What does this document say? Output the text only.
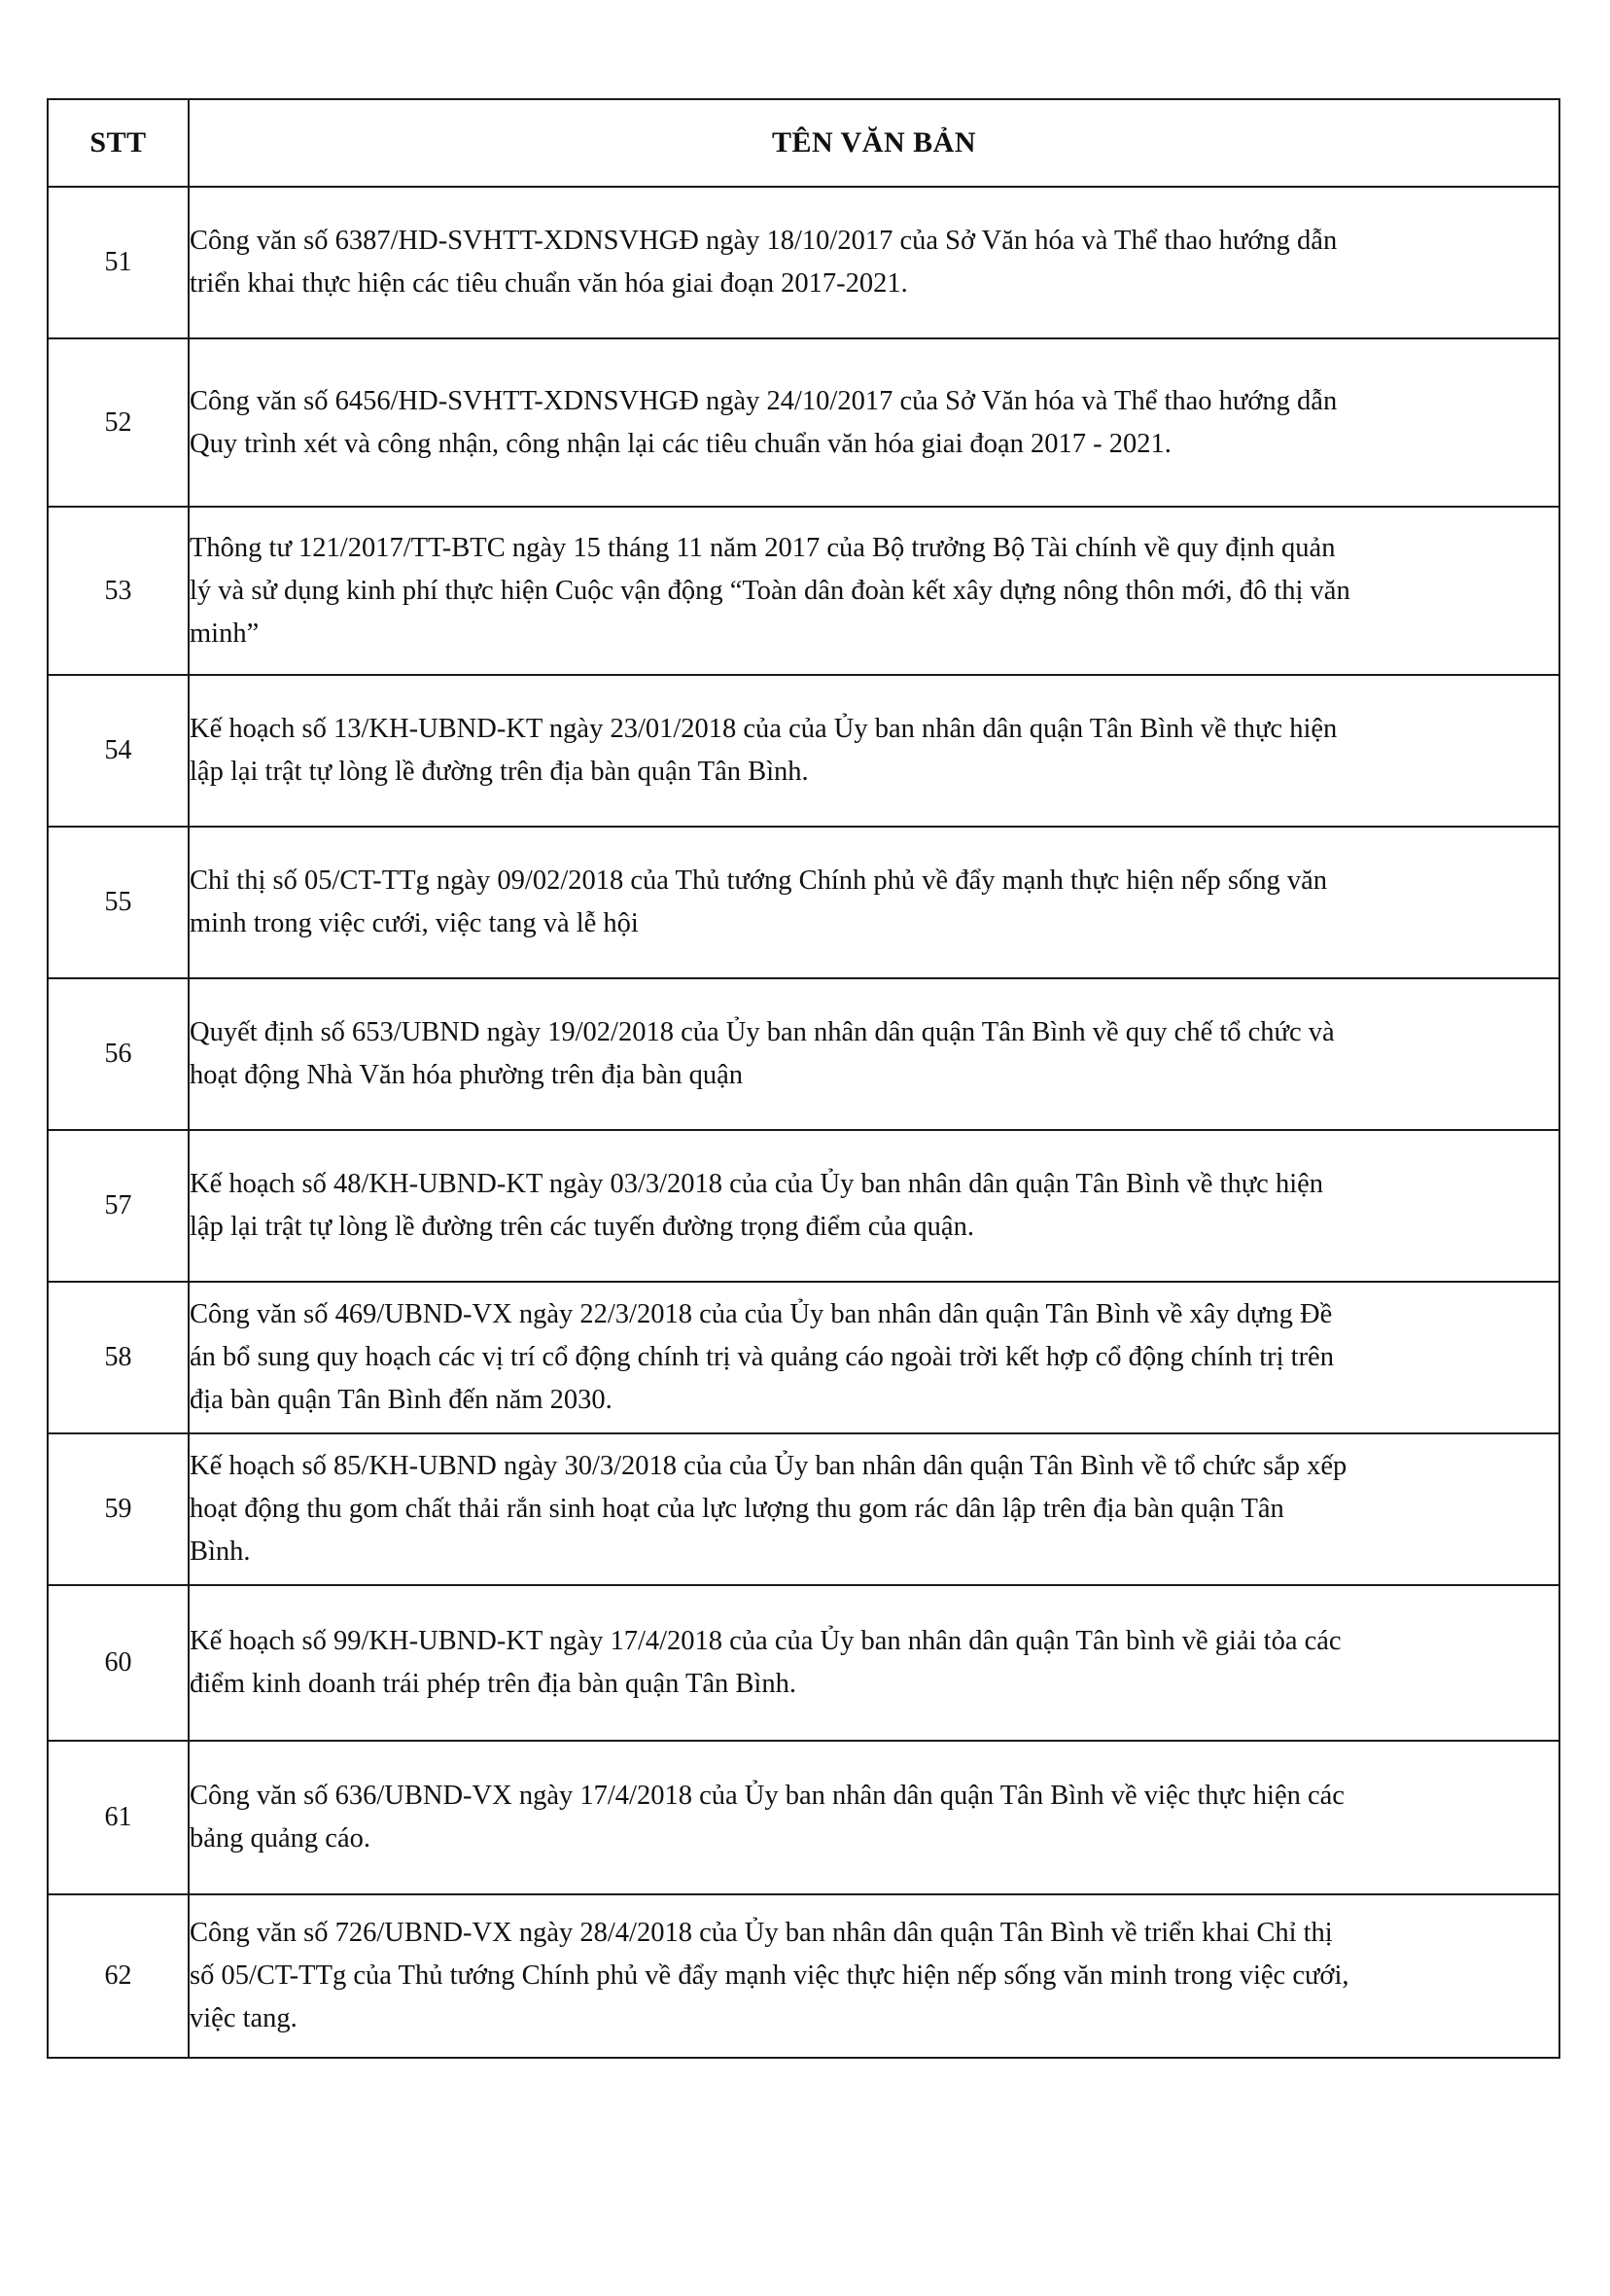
STT	TÊN VĂN BẢN
51	Công văn số 6387/HD-SVHTT-XDNSVHGĐ ngày 18/10/2017 của Sở Văn hóa và Thể thao hướng dẫn
triển khai thực hiện các tiêu chuẩn văn hóa giai đoạn 2017-2021.

52	Công văn số 6456/HD-SVHTT-XDNSVHGĐ ngày 24/10/2017 của Sở Văn hóa và Thể thao hướng dẫn
Quy trình xét và công nhận, công nhận lại các tiêu chuẩn văn hóa giai đoạn 2017 - 2021.

53	Thông tư 121/2017/TT-BTC ngày 15 tháng 11 năm 2017 của Bộ trưởng Bộ Tài chính về quy định quản
lý và sử dụng kinh phí thực hiện Cuộc vận động “Toàn dân đoàn kết xây dựng nông thôn mới, đô thị văn
minh”

54	Kế hoạch số 13/KH-UBND-KT ngày 23/01/2018 của của Ủy ban nhân dân quận Tân Bình về thực hiện
lập lại trật tự lòng lề đường trên địa bàn quận Tân Bình.

55	Chỉ thị số 05/CT-TTg ngày 09/02/2018 của Thủ tướng Chính phủ về đẩy mạnh thực hiện nếp sống văn
minh trong việc cưới, việc tang và lễ hội

56	Quyết định số 653/UBND ngày 19/02/2018 của Ủy ban nhân dân quận Tân Bình về quy chế tổ chức và
hoạt động Nhà Văn hóa phường trên địa bàn quận

57	Kế hoạch số 48/KH-UBND-KT ngày 03/3/2018 của của Ủy ban nhân dân quận Tân Bình về thực hiện
lập lại trật tự lòng lề đường trên các tuyến đường trọng điểm của quận.

58	Công văn số 469/UBND-VX ngày 22/3/2018 của của Ủy ban nhân dân quận Tân Bình về xây dựng Đề
án bổ sung quy hoạch các vị trí cổ động chính trị và quảng cáo ngoài trời kết hợp cổ động chính trị trên
địa bàn quận Tân Bình đến năm 2030.

59	Kế hoạch số 85/KH-UBND ngày 30/3/2018 của của Ủy ban nhân dân quận Tân Bình về tổ chức sắp xếp
hoạt động thu gom chất thải rắn sinh hoạt của lực lượng thu gom rác dân lập trên địa bàn quận Tân
Bình.

60	Kế hoạch số 99/KH-UBND-KT ngày 17/4/2018 của của Ủy ban nhân dân quận Tân bình về giải tỏa các
điểm kinh doanh trái phép trên địa bàn quận Tân Bình.

61	Công văn số 636/UBND-VX ngày 17/4/2018 của Ủy ban nhân dân quận Tân Bình về việc thực hiện các
bảng quảng cáo.

62	Công văn số 726/UBND-VX ngày 28/4/2018 của Ủy ban nhân dân quận Tân Bình về triển khai Chỉ thị
số 05/CT-TTg của Thủ tướng Chính phủ về đẩy mạnh việc thực hiện nếp sống văn minh trong việc cưới,
việc tang.
